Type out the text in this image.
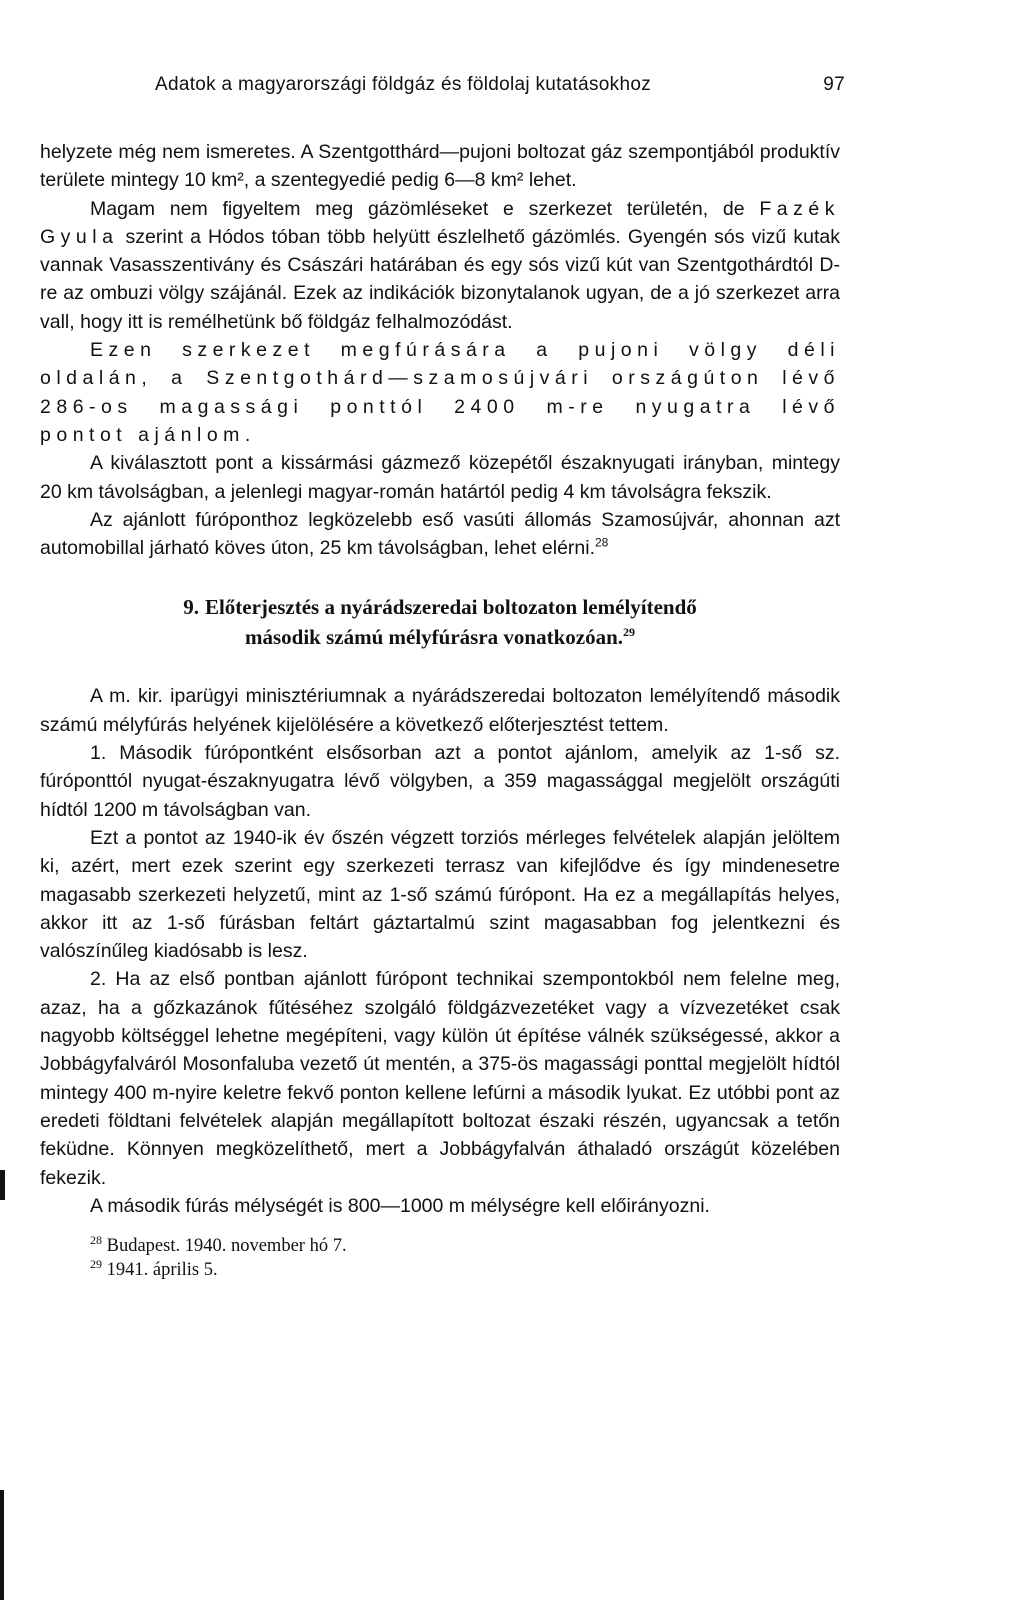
Adatok a magyarországi földgáz és földolaj kutatásokhoz	97

helyzete még nem ismeretes. A Szentgotthárd—pujoni boltozat gáz szempontjából produktív területe mintegy 10 km², a szentegyedié pedig 6—8 km² lehet.

Magam nem figyeltem meg gázömléseket e szerkezet területén, de Fazék Gyula szerint a Hódos tóban több helyütt észlelhető gázömlés. Gyengén sós vizű kutak vannak Vasasszentivány és Császári határában és egy sós vizű kút van Szentgothárdtól D-re az ombuzi völgy szájánál. Ezek az indikációk bizonytalanok ugyan, de a jó szerkezet arra vall, hogy itt is remélhetünk bő földgáz felhalmozódást.

Ezen szerkezet megfúrására a pujoni völgy déli oldalán, a Szentgothárd—szamosújvári országúton lévő 286-os magassági ponttól 2400 m-re nyugatra lévő pontot ajánlom.

A kiválasztott pont a kissármási gázmező közepétől északnyugati irányban, mintegy 20 km távolságban, a jelenlegi magyar-román határtól pedig 4 km távolságra fekszik.

Az ajánlott fúróponthoz legközelebb eső vasúti állomás Szamosújvár, ahonnan azt automobillal járható köves úton, 25 km távolságban, lehet elérni.$^{28}$

9. Előterjesztés a nyárádszeredai boltozaton lemélyítendő
második számú mélyfúrásra vonatkozóan.$^{29}$

A m. kir. iparügyi minisztériumnak a nyárádszeredai boltozaton lemélyítendő második számú mélyfúrás helyének kijelölésére a következő előterjesztést tettem.

1. Második fúrópontként elsősorban azt a pontot ajánlom, amelyik az 1-ső sz. fúróponttól nyugat-északnyugatra lévő völgyben, a 359 magassággal megjelölt országúti hídtól 1200 m távolságban van.

Ezt a pontot az 1940-ik év őszén végzett torziós mérleges felvételek alapján jelöltem ki, azért, mert ezek szerint egy szerkezeti terrasz van kifejlődve és így mindenesetre magasabb szerkezeti helyzetű, mint az 1-ső számú fúrópont. Ha ez a megállapítás helyes, akkor itt az 1-ső fúrásban feltárt gáztartalmú szint magasabban fog jelentkezni és valószínűleg kiadósabb is lesz.

2. Ha az első pontban ajánlott fúrópont technikai szempontokból nem felelne meg, azaz, ha a gőzkazánok fűtéséhez szolgáló földgázvezetéket vagy a vízvezetéket csak nagyobb költséggel lehetne megépíteni, vagy külön út építése válnék szükségessé, akkor a Jobbágyfalváról Mosonfaluba vezető út mentén, a 375-ös magassági ponttal megjelölt hídtól mintegy 400 m-nyire keletre fekvő ponton kellene lefúrni a második lyukat. Ez utóbbi pont az eredeti földtani felvételek alapján megállapított boltozat északi részén, ugyancsak a tetőn feküdne. Könnyen megközelíthető, mert a Jobbágyfalván áthaladó országút közelében fekezik.

A második fúrás mélységét is 800—1000 m mélységre kell előirányozni.

$^{28}$ Budapest. 1940. november hó 7.

$^{29}$ 1941. április 5.
